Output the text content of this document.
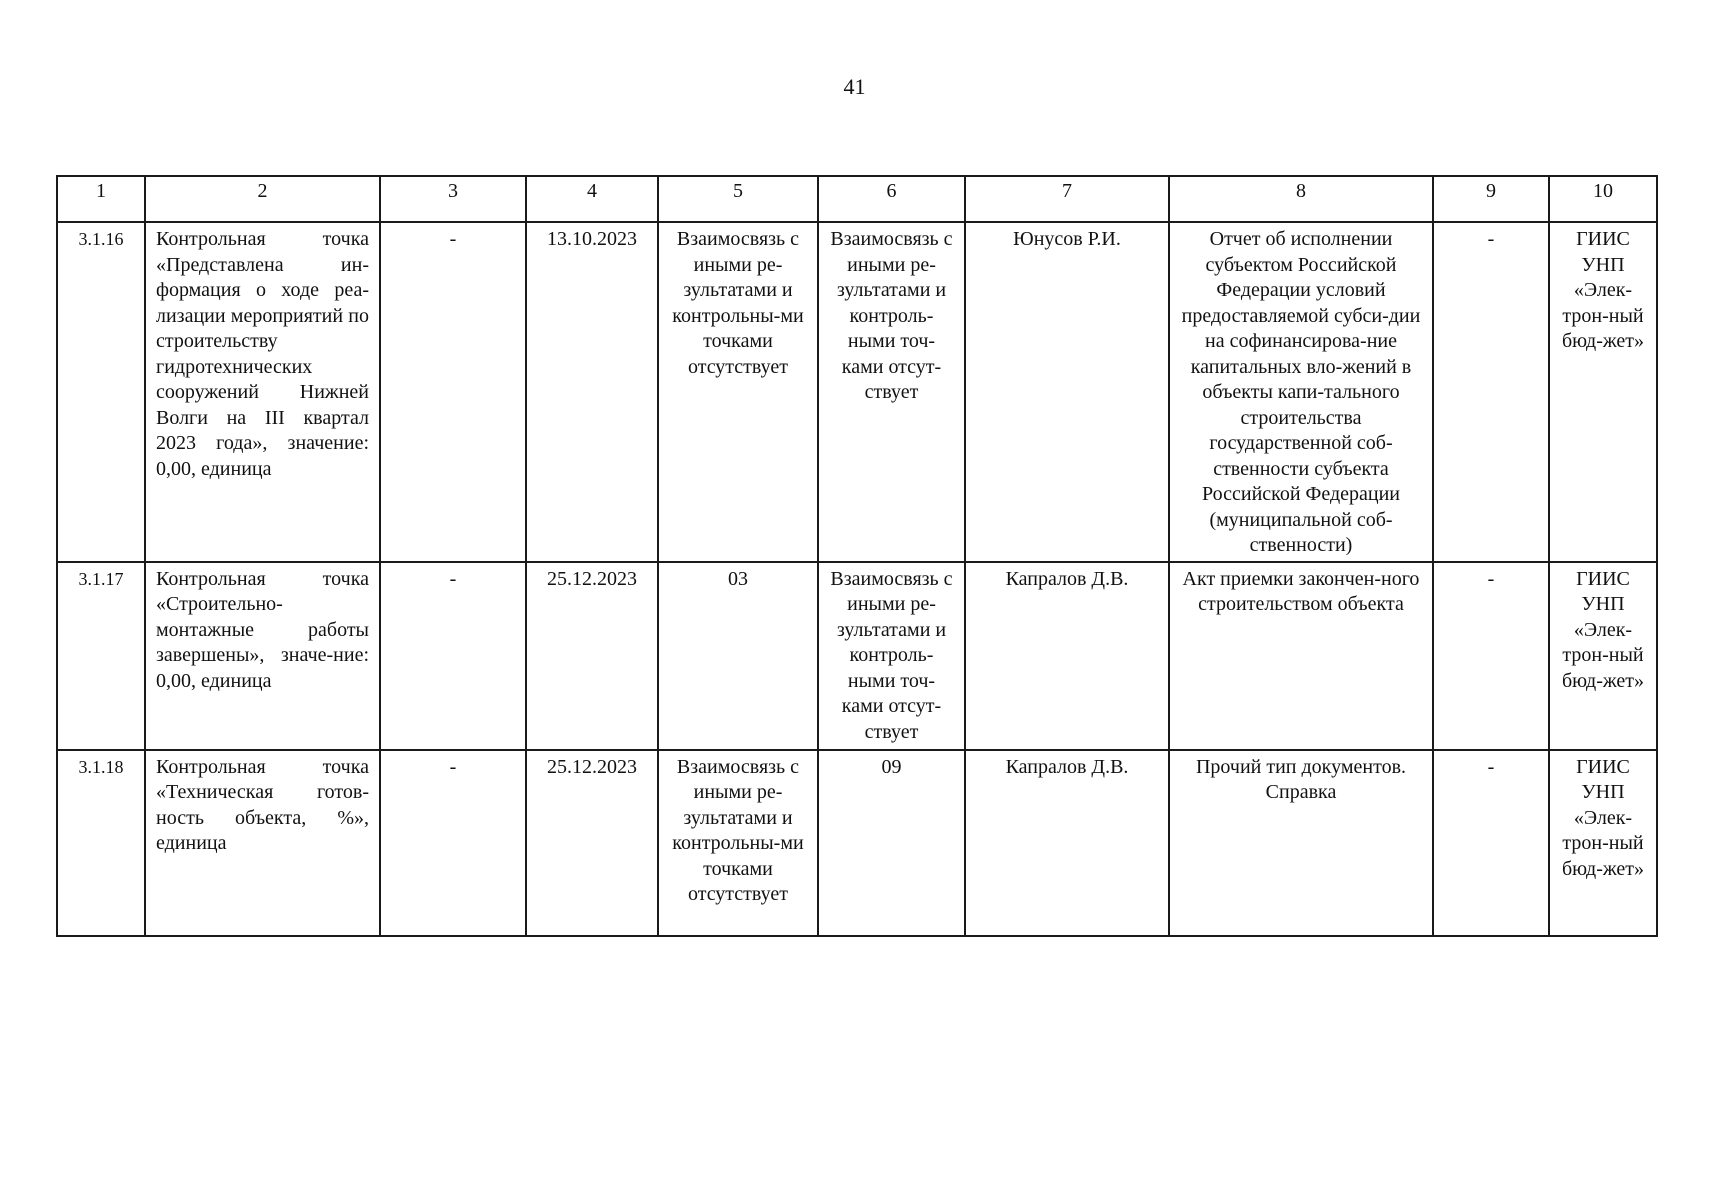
41
1	2	3	4	5	6	7	8	9	10
3.1.16	Контрольная точка «Представлена ин-формация о ходе реа-лизации мероприятий по строительству гидротехнических сооружений Нижней Волги на III квартал 2023 года», значение: 0,00, единица	-	13.10.2023	Взаимосвязь с иными ре-зультатами и контрольны-ми точками отсутствует	Взаимосвязь с иными ре-зультатами и контроль-ными точ-ками отсут-ствует	Юнусов Р.И.	Отчет об исполнении субъектом Российской Федерации условий предоставляемой субси-дии на софинансирова-ние капитальных вло-жений в объекты капи-тального строительства государственной соб-ственности субъекта Российской Федерации (муниципальной соб-ственности)	-	ГИИС УНП «Элек-трон-ный бюд-жет»
3.1.17	Контрольная точка «Строительно-монтажные работы завершены», значе-ние: 0,00, единица	-	25.12.2023	03	Взаимосвязь с иными ре-зультатами и контроль-ными точ-ками отсут-ствует	Капралов Д.В.	Акт приемки закончен-ного строительством объекта	-	ГИИС УНП «Элек-трон-ный бюд-жет»
3.1.18	Контрольная точка «Техническая готов-ность объекта, %», единица	-	25.12.2023	Взаимосвязь с иными ре-зультатами и контрольны-ми точками отсутствует	09	Капралов Д.В.	Прочий тип документов. Справка	-	ГИИС УНП «Элек-трон-ный бюд-жет»
